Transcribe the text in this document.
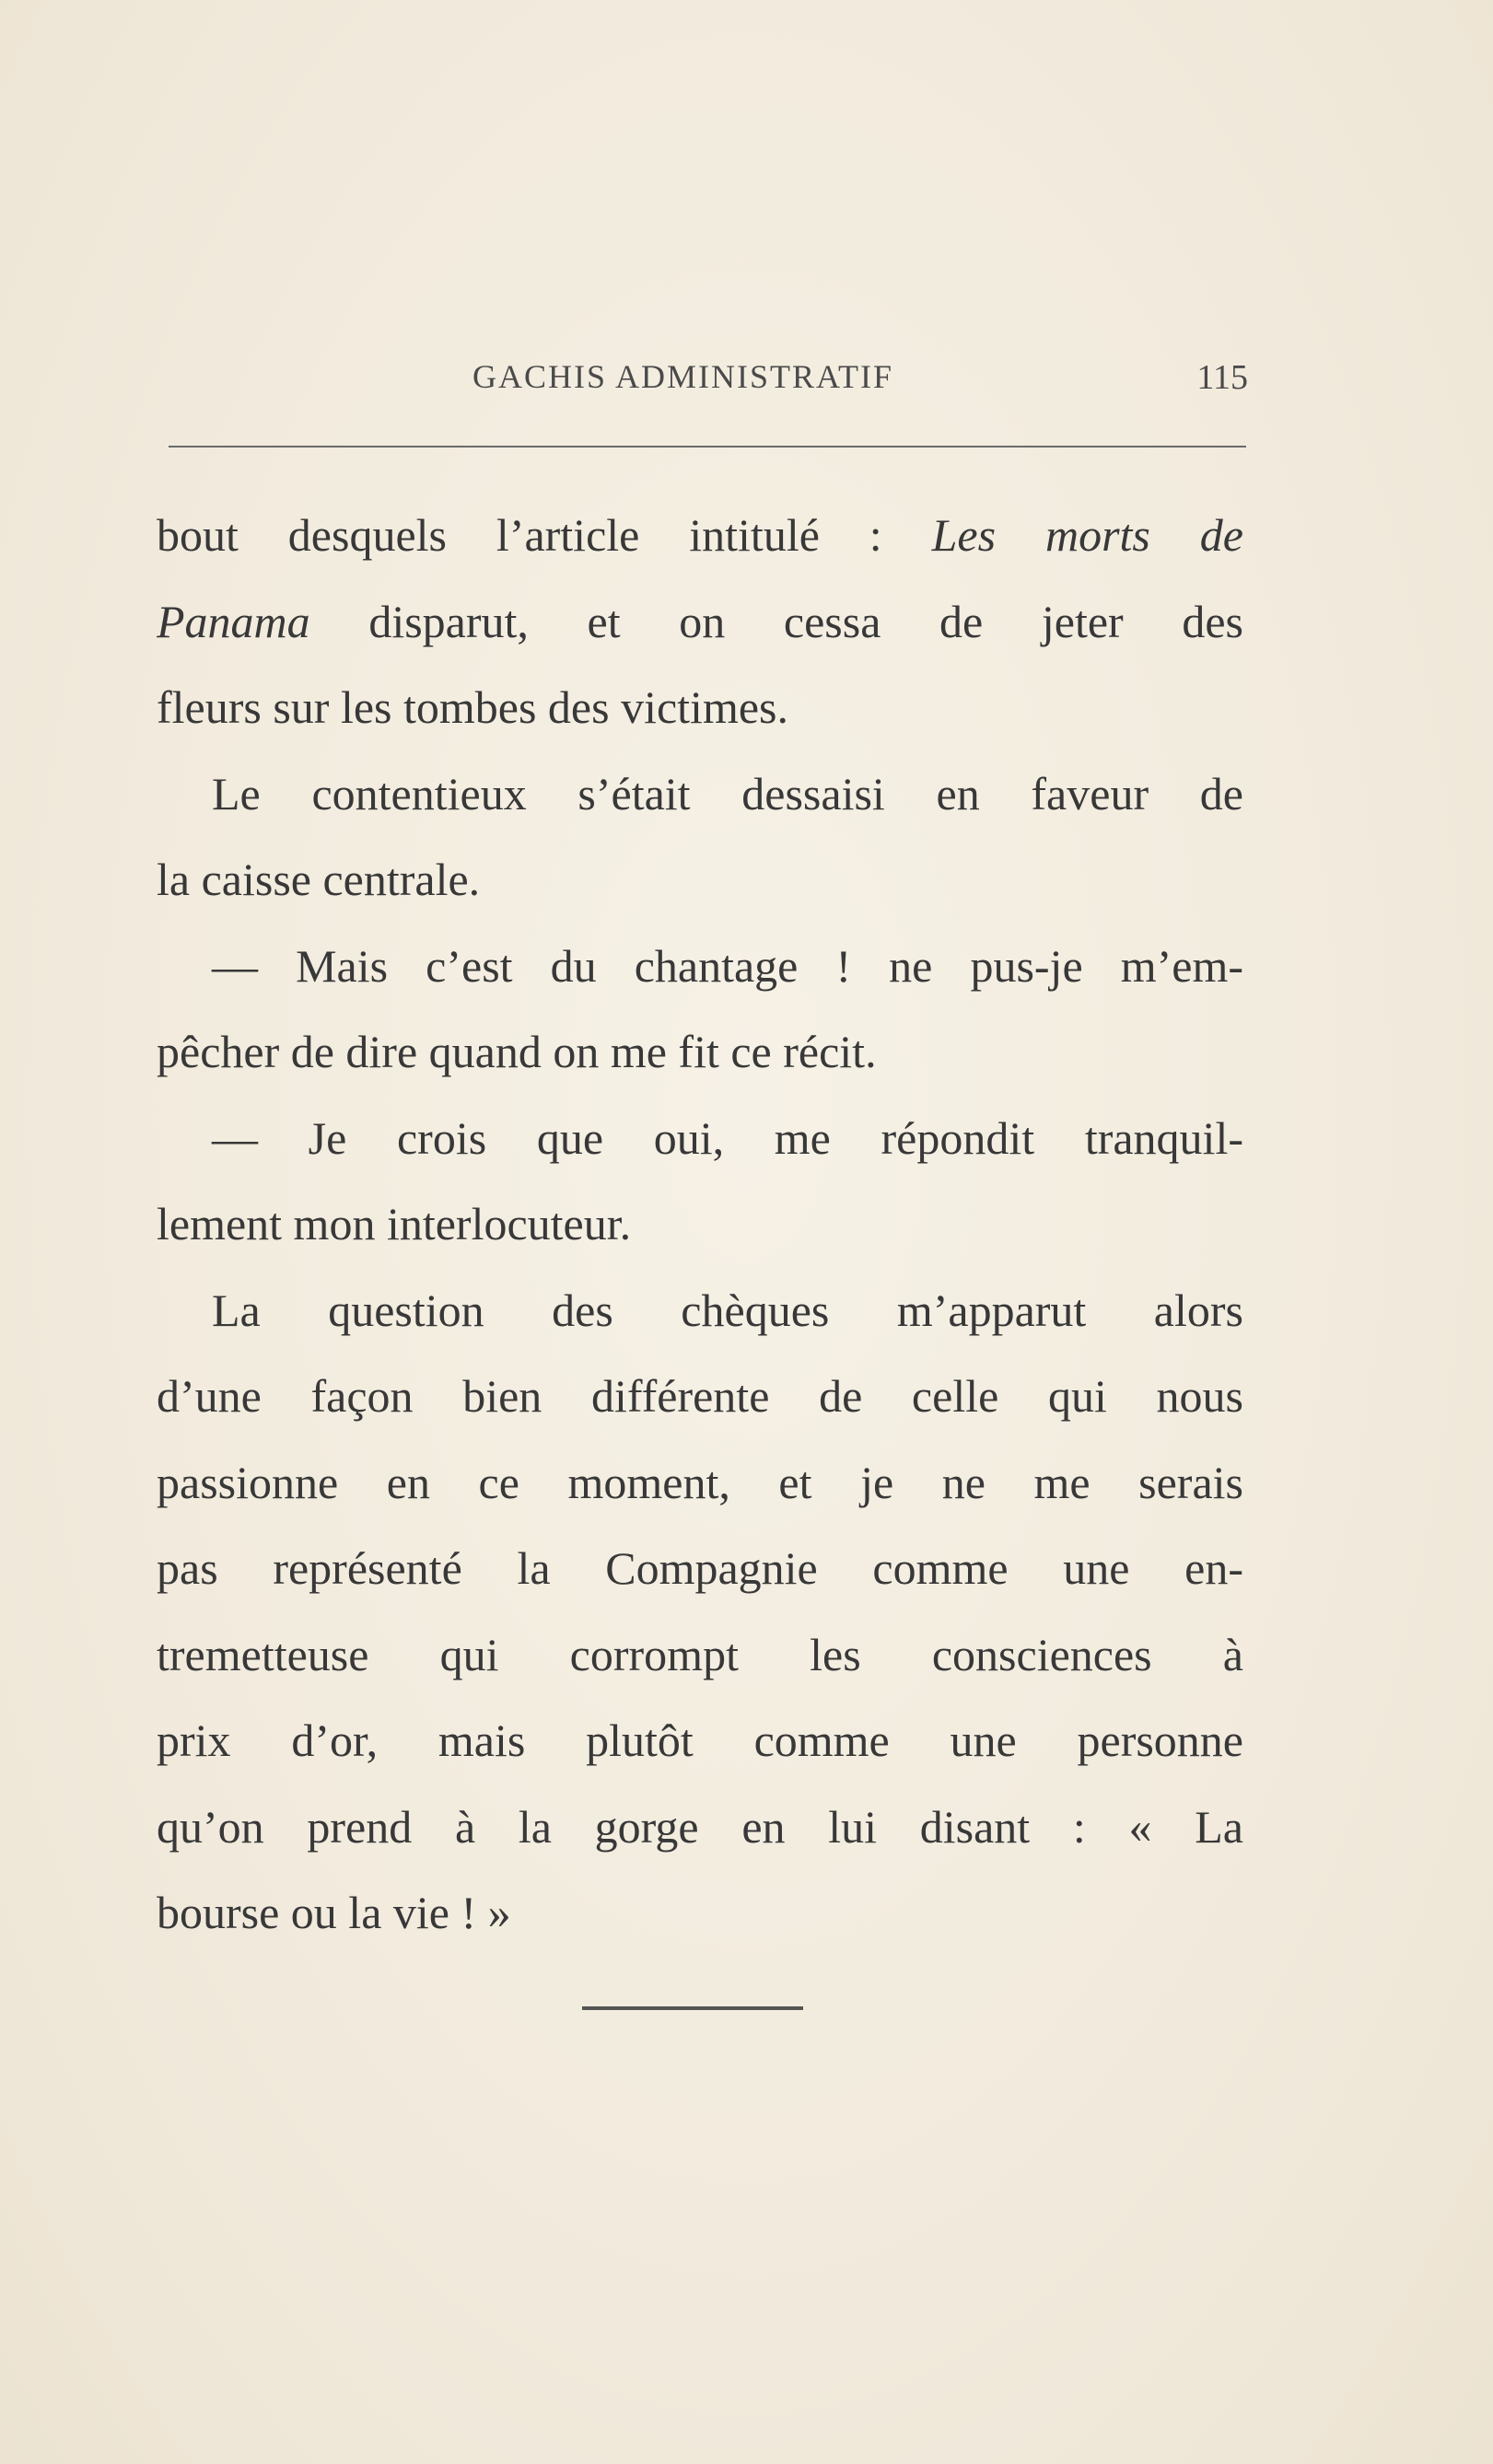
GACHIS ADMINISTRATIF	115
bout desquels l’article intitulé : Les morts de
Panama disparut, et on cessa de jeter des
fleurs sur les tombes des victimes.
Le contentieux s’était dessaisi en faveur de
la caisse centrale.
— Mais c’est du chantage ! ne pus-je m’em-
pêcher de dire quand on me fit ce récit.
— Je crois que oui, me répondit tranquil-
lement mon interlocuteur.
La question des chèques m’apparut alors
d’une façon bien différente de celle qui nous
passionne en ce moment, et je ne me serais
pas représenté la Compagnie comme une en-
tremetteuse qui corrompt les consciences à
prix d’or, mais plutôt comme une personne
qu’on prend à la gorge en lui disant : « La
bourse ou la vie ! »
